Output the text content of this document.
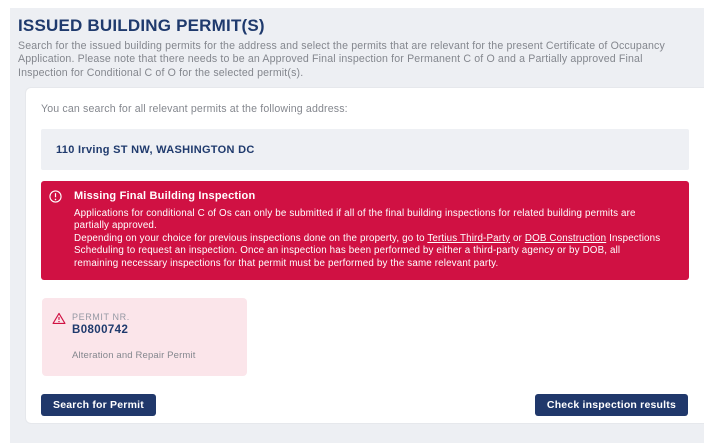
ISSUED BUILDING PERMIT(S)

Search for the issued building permits for the address and select the permits that are relevant for the present Certificate of Occupancy Application. Please note that there needs to be an Approved Final inspection for Permanent C of O and a Partially approved Final Inspection for Conditional C of O for the selected permit(s).

You can search for all relevant permits at the following address:
110 Irving ST NW, WASHINGTON DC
Missing Final Building Inspection
Applications for conditional C of Os can only be submitted if all of the final building inspections for related building permits are partially approved.
Depending on your choice for previous inspections done on the property, go to Tertius Third-Party or DOB Construction Inspections Scheduling to request an inspection. Once an inspection has been performed by either a third-party agency or by DOB, all remaining necessary inspections for that permit must be performed by the same relevant party.
PERMIT NR.
B0800742
Alteration and Repair Permit
Search for Permit	Check inspection results
